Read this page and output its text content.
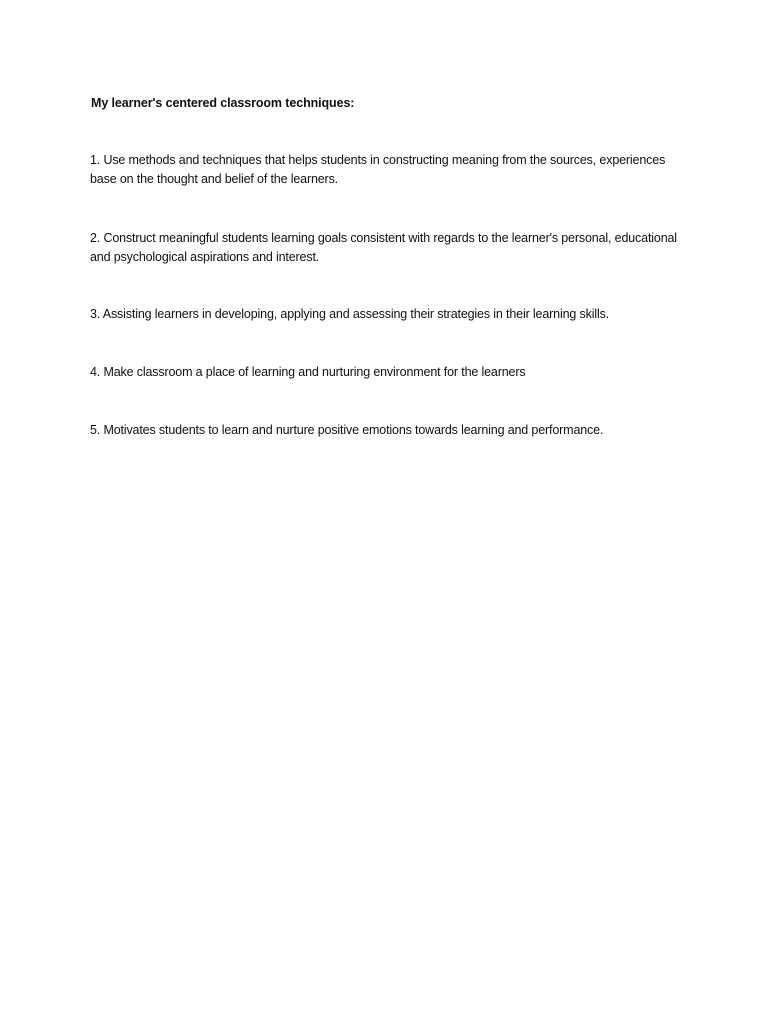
My learner's centered classroom techniques:

1. Use methods and techniques that helps students in constructing meaning from the sources, experiences base on the thought and belief of the learners.

2. Construct meaningful students learning goals consistent with regards to the learner's personal, educational and psychological aspirations and interest.

3. Assisting learners in developing, applying and assessing their strategies in their learning skills.

4. Make classroom a place of learning and nurturing environment for the learners

5. Motivates students to learn and nurture positive emotions towards learning and performance.
